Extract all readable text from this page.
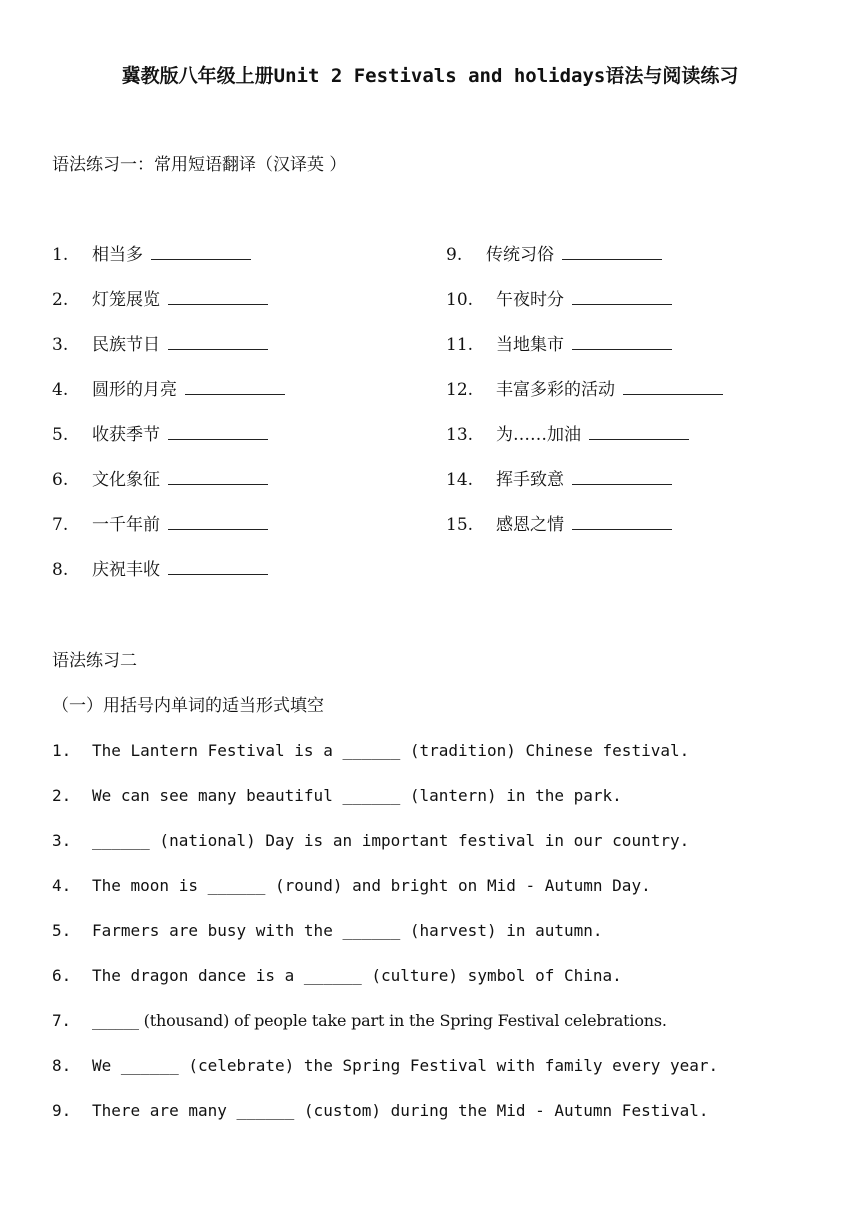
冀教版八年级上册Unit 2 Festivals and holidays语法与阅读练习
语法练习一：常用短语翻译（汉译英 ）
1. 相当多
2. 灯笼展览
3. 民族节日
4. 圆形的月亮
5. 收获季节
6. 文化象征
7. 一千年前
8. 庆祝丰收
9. 传统习俗
10. 午夜时分
11. 当地集市
12. 丰富多彩的活动
13. 为……加油
14. 挥手致意
15. 感恩之情
语法练习二
（一）用括号内单词的适当形式填空
1. The Lantern Festival is a ______ (tradition) Chinese festival.
2. We can see many beautiful ______ (lantern) in the park.
3. ______ (national) Day is an important festival in our country.
4. The moon is ______ (round) and bright on Mid - Autumn Day.
5. Farmers are busy with the ______ (harvest) in autumn.
6. The dragon dance is a ______ (culture) symbol of China.
7. ______ (thousand) of people take part in the Spring Festival celebrations.
8. We ______ (celebrate) the Spring Festival with family every year.
9. There are many ______ (custom) during the Mid - Autumn Festival.
